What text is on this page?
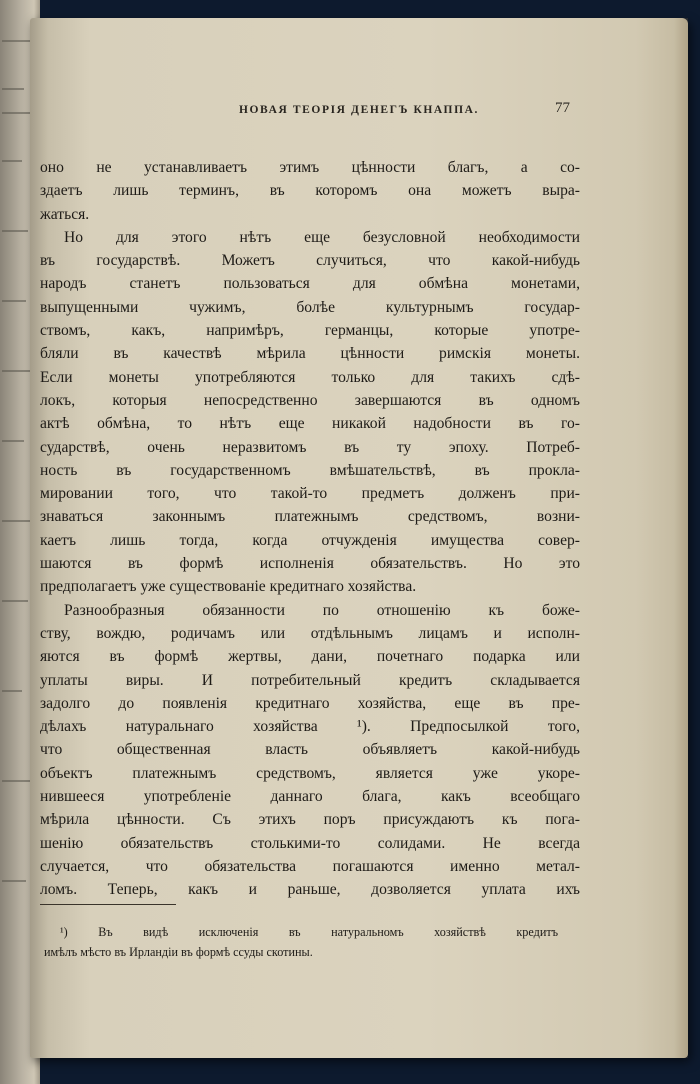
НОВАЯ ТЕОРІЯ ДЕНЕГЪ КНАППА.	77
оно не устанавливаетъ этимъ цѣнности благъ, а со-
здаетъ лишь терминъ, въ которомъ она можетъ выра-
жаться.
Но для этого нѣтъ еще безусловной необходимости
въ государствѣ. Можетъ случиться, что какой-нибудь
народъ станетъ пользоваться для обмѣна монетами,
выпущенными чужимъ, болѣе культурнымъ государ-
ствомъ, какъ, напримѣръ, германцы, которые употре-
бляли въ качествѣ мѣрила цѣнности римскія монеты.
Если монеты употребляются только для такихъ сдѣ-
локъ, которыя непосредственно завершаются въ одномъ
актѣ обмѣна, то нѣтъ еще никакой надобности въ го-
сударствѣ, очень неразвитомъ въ ту эпоху. Потреб-
ность въ государственномъ вмѣшательствѣ, въ прокла-
мировании того, что такой-то предметъ долженъ при-
знаваться законнымъ платежнымъ средствомъ, возни-
каетъ лишь тогда, когда отчужденія имущества совер-
шаются въ формѣ исполненія обязательствъ. Но это
предполагаетъ уже существованіе кредитнаго хозяйства.
Разнообразныя обязанности по отношенію къ боже-
ству, вождю, родичамъ или отдѣльнымъ лицамъ и исполн-
яются въ формѣ жертвы, дани, почетнаго подарка или
уплаты виры. И потребительный кредитъ складывается
задолго до появленія кредитнаго хозяйства, еще въ пре-
дѣлахъ натуральнаго хозяйства ¹). Предпосылкой того,
что общественная власть объявляетъ какой-нибудь
объектъ платежнымъ средствомъ, является уже укоре-
нившееся употребленіе даннаго блага, какъ всеобщаго
мѣрила цѣнности. Съ этихъ поръ присуждаютъ къ пога-
шенію обязательствъ столькими-то солидами. Не всегда
случается, что обязательства погашаются именно метал-
ломъ. Теперь, какъ и раньше, дозволяется уплата ихъ
¹) Въ видѣ исключенія въ натуральномъ хозяйствѣ кредитъ
имѣлъ мѣсто въ Ирландіи въ формѣ ссуды скотины.
